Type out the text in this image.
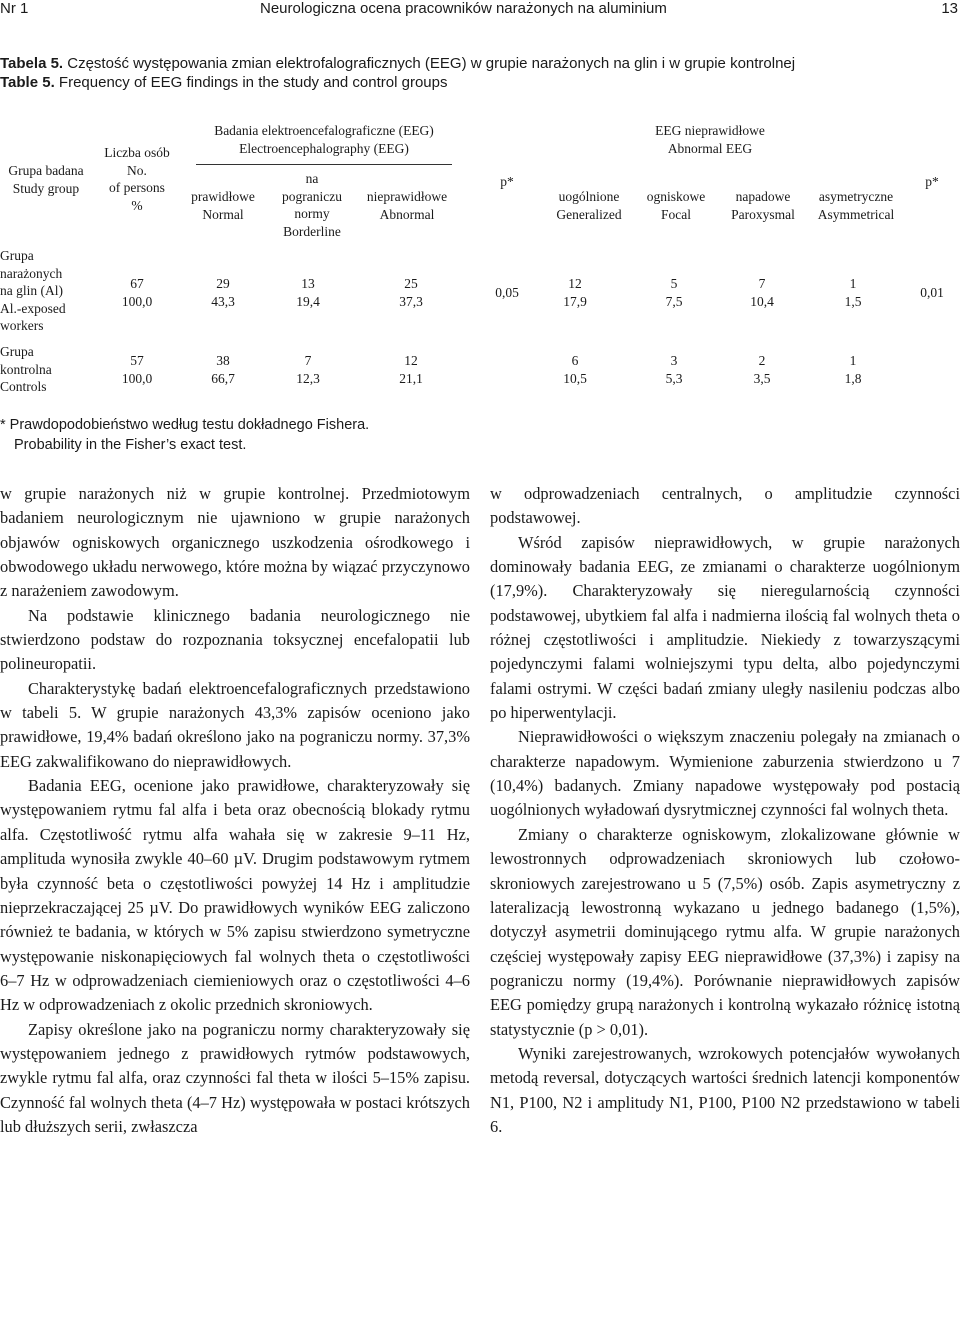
Nr 1	Neurologiczna ocena pracowników narażonych na aluminium	13
Tabela 5. Częstość występowania zmian elektrofalograficznych (EEG) w grupie narażonych na glin i w grupie kontrolnej
Table 5. Frequency of EEG findings in the study and control groups
Grupa badana
Study group
Liczba osób
No.
of persons
%
Badania elektroencefalograficzne (EEG)
Electroencephalography (EEG)
prawidłowe
Normal
na
pograniczu
normy
Borderline
nieprawidłowe
Abnormal
p*
EEG nieprawidłowe
Abnormal EEG
uogólnione
Generalized
ogniskowe
Focal
napadowe
Paroxysmal
asymetryczne
Asymmetrical
p*
Grupa
narażonych
na glin (Al)
Al.-exposed
workers
67
100,0
29
43,3
13
19,4
25
37,3
0,05
12
17,9
5
7,5
7
10,4
1
1,5
0,01
Grupa
kontrolna
Controls
57
100,0
38
66,7
7
12,3
12
21,1
6
10,5
3
5,3
2
3,5
1
1,8
* Prawdopodobieństwo według testu dokładnego Fishera.
Probability in the Fisher’s exact test.

w grupie narażonych niż w grupie kontrolnej. Przedmiotowym badaniem neurologicznym nie ujawniono w grupie narażonych objawów ogniskowych organicznego uszkodzenia ośrodkowego i obwodowego układu nerwowego, które można by wiązać przyczynowo z narażeniem zawodowym.

Na podstawie klinicznego badania neurologicznego nie stwierdzono podstaw do rozpoznania toksycznej encefalopatii lub polineuropatii.

Charakterystykę badań elektroencefalograficznych przedstawiono w tabeli 5. W grupie narażonych 43,3% zapisów oceniono jako prawidłowe, 19,4% badań określono jako na pograniczu normy. 37,3% EEG zakwalifikowano do nieprawidłowych.

Badania EEG, ocenione jako prawidłowe, charakteryzowały się występowaniem rytmu fal alfa i beta oraz obecnością blokady rytmu alfa. Częstotliwość rytmu alfa wahała się w zakresie 9–11 Hz, amplituda wynosiła zwykle 40–60 µV. Drugim podstawowym rytmem była czynność beta o częstotliwości powyżej 14 Hz i amplitudzie nieprzekraczającej 25 µV. Do prawidłowych wyników EEG zaliczono również te badania, w których w 5% zapisu stwierdzono symetryczne występowanie niskonapięciowych fal wolnych theta o częstotliwości 6–7 Hz w odprowadzeniach ciemieniowych oraz o częstotliwości 4–6 Hz w odprowadzeniach z okolic przednich skroniowych.

Zapisy określone jako na pograniczu normy charakteryzowały się występowaniem jednego z prawidłowych rytmów podstawowych, zwykle rytmu fal alfa, oraz czynności fal theta w ilości 5–15% zapisu. Czynność fal wolnych theta (4–7 Hz) występowała w postaci krótszych lub dłuższych serii, zwłaszcza

w odprowadzeniach centralnych, o amplitudzie czynności podstawowej.

Wśród zapisów nieprawidłowych, w grupie narażonych dominowały badania EEG, ze zmianami o charakterze uogólnionym (17,9%). Charakteryzowały się nieregularnością czynności podstawowej, ubytkiem fal alfa i nadmierna ilością fal wolnych theta o różnej częstotliwości i amplitudzie. Niekiedy z towarzyszącymi pojedynczymi falami wolniejszymi typu delta, albo pojedynczymi falami ostrymi. W części badań zmiany uległy nasileniu podczas albo po hiperwentylacji.

Nieprawidłowości o większym znaczeniu polegały na zmianach o charakterze napadowym. Wymienione zaburzenia stwierdzono u 7 (10,4%) badanych. Zmiany napadowe występowały pod postacią uogólnionych wyładowań dysrytmicznej czynności fal wolnych theta.

Zmiany o charakterze ogniskowym, zlokalizowane głównie w lewostronnych odprowadzeniach skroniowych lub czołowo-skroniowych zarejestrowano u 5 (7,5%) osób. Zapis asymetryczny z lateralizacją lewostronną wykazano u jednego badanego (1,5%), dotyczył asymetrii dominującego rytmu alfa. W grupie narażonych częściej występowały zapisy EEG nieprawidłowe (37,3%) i zapisy na pograniczu normy (19,4%). Porównanie nieprawidłowych zapisów EEG pomiędzy grupą narażonych i kontrolną wykazało różnicę istotną statystycznie (p > 0,01).

Wyniki zarejestrowanych, wzrokowych potencjałów wywołanych metodą reversal, dotyczących wartości średnich latencji komponentów N1, P100, N2 i amplitudy N1, P100, P100 N2 przedstawiono w tabeli 6.
